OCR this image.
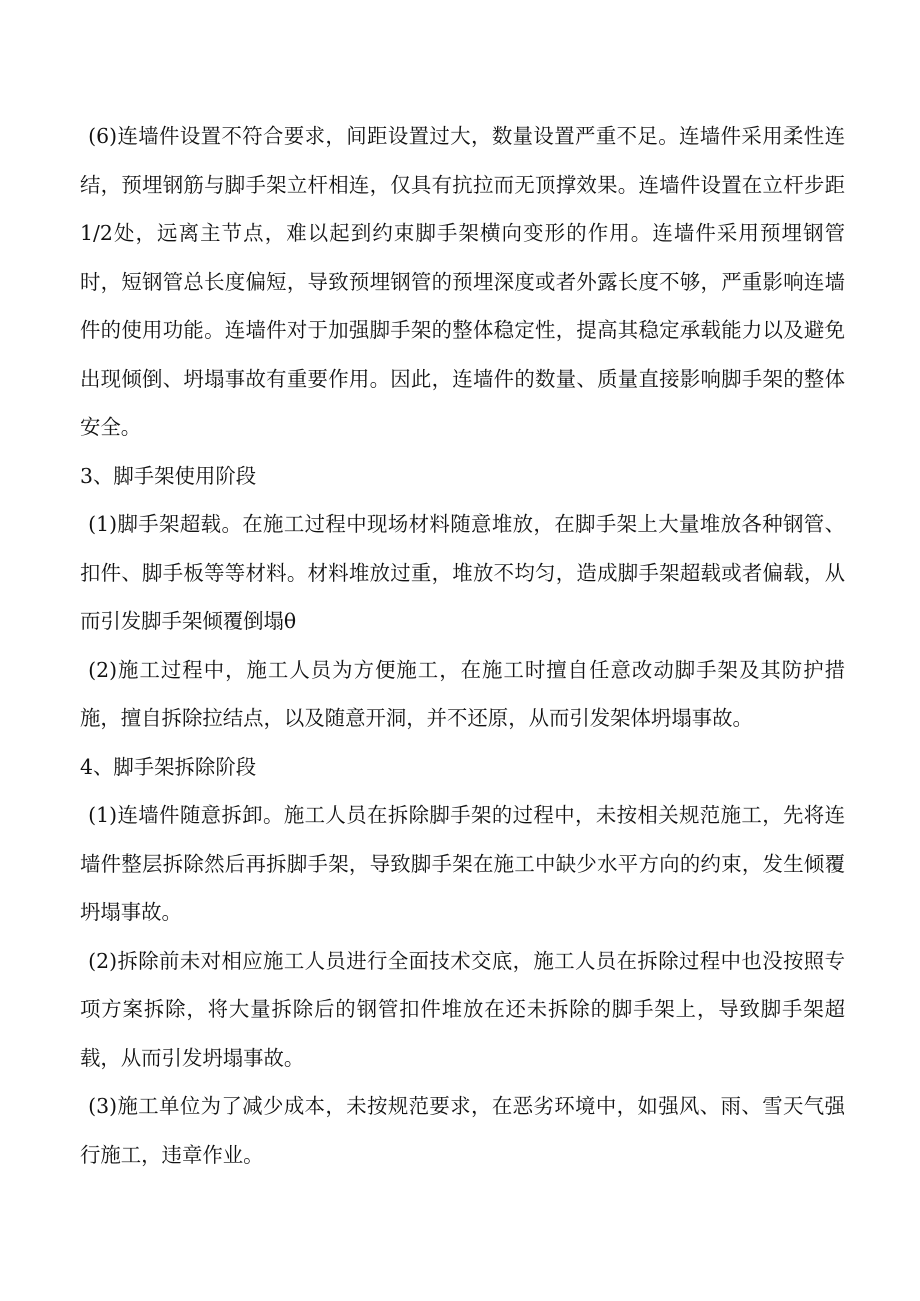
(6)连墙件设置不符合要求，间距设置过大，数量设置严重不足。连墙件采用柔性连结，预埋钢筋与脚手架立杆相连，仅具有抗拉而无顶撑效果。连墙件设置在立杆步距1/2处，远离主节点，难以起到约束脚手架横向变形的作用。连墙件采用预埋钢管时，短钢管总长度偏短，导致预埋钢管的预埋深度或者外露长度不够，严重影响连墙件的使用功能。连墙件对于加强脚手架的整体稳定性，提高其稳定承载能力以及避免出现倾倒、坍塌事故有重要作用。因此，连墙件的数量、质量直接影响脚手架的整体安全。

3、脚手架使用阶段

(1)脚手架超载。在施工过程中现场材料随意堆放，在脚手架上大量堆放各种钢管、扣件、脚手板等等材料。材料堆放过重，堆放不均匀，造成脚手架超载或者偏载，从而引发脚手架倾覆倒塌θ

(2)施工过程中，施工人员为方便施工，在施工时擅自任意改动脚手架及其防护措施，擅自拆除拉结点，以及随意开洞，并不还原，从而引发架体坍塌事故。

4、脚手架拆除阶段

(1)连墙件随意拆卸。施工人员在拆除脚手架的过程中，未按相关规范施工，先将连墙件整层拆除然后再拆脚手架，导致脚手架在施工中缺少水平方向的约束，发生倾覆坍塌事故。

(2)拆除前未对相应施工人员进行全面技术交底，施工人员在拆除过程中也没按照专项方案拆除，将大量拆除后的钢管扣件堆放在还未拆除的脚手架上，导致脚手架超载，从而引发坍塌事故。

(3)施工单位为了减少成本，未按规范要求，在恶劣环境中，如强风、雨、雪天气强行施工，违章作业。
